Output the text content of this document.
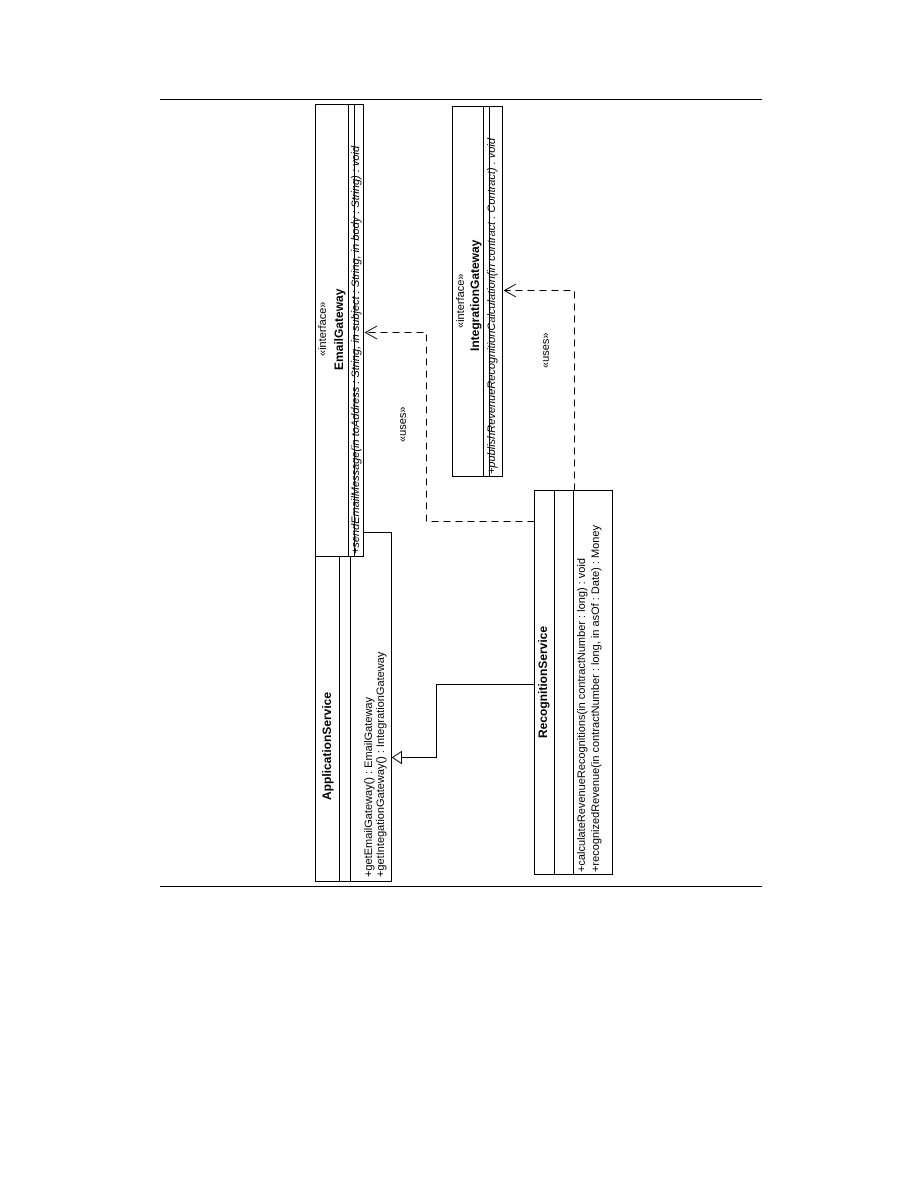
ApplicationService	+getEmailGateway() : EmailGateway +getIntegationGateway() : IntegrationGateway
«interface» EmailGateway +sendEmailMessage(in toAddress : String, in subject : String, in body : String) : void	«interface» IntegrationGateway +publishRevenueRecognitionCalculation(in contract : Contract) : void
RecognitionService +calculateRevenueRecognitions(in contractNumber : long) : void +recognizedRevenue(in contractNumber : long, in asOf : Date) : Money
«uses»
«uses»
